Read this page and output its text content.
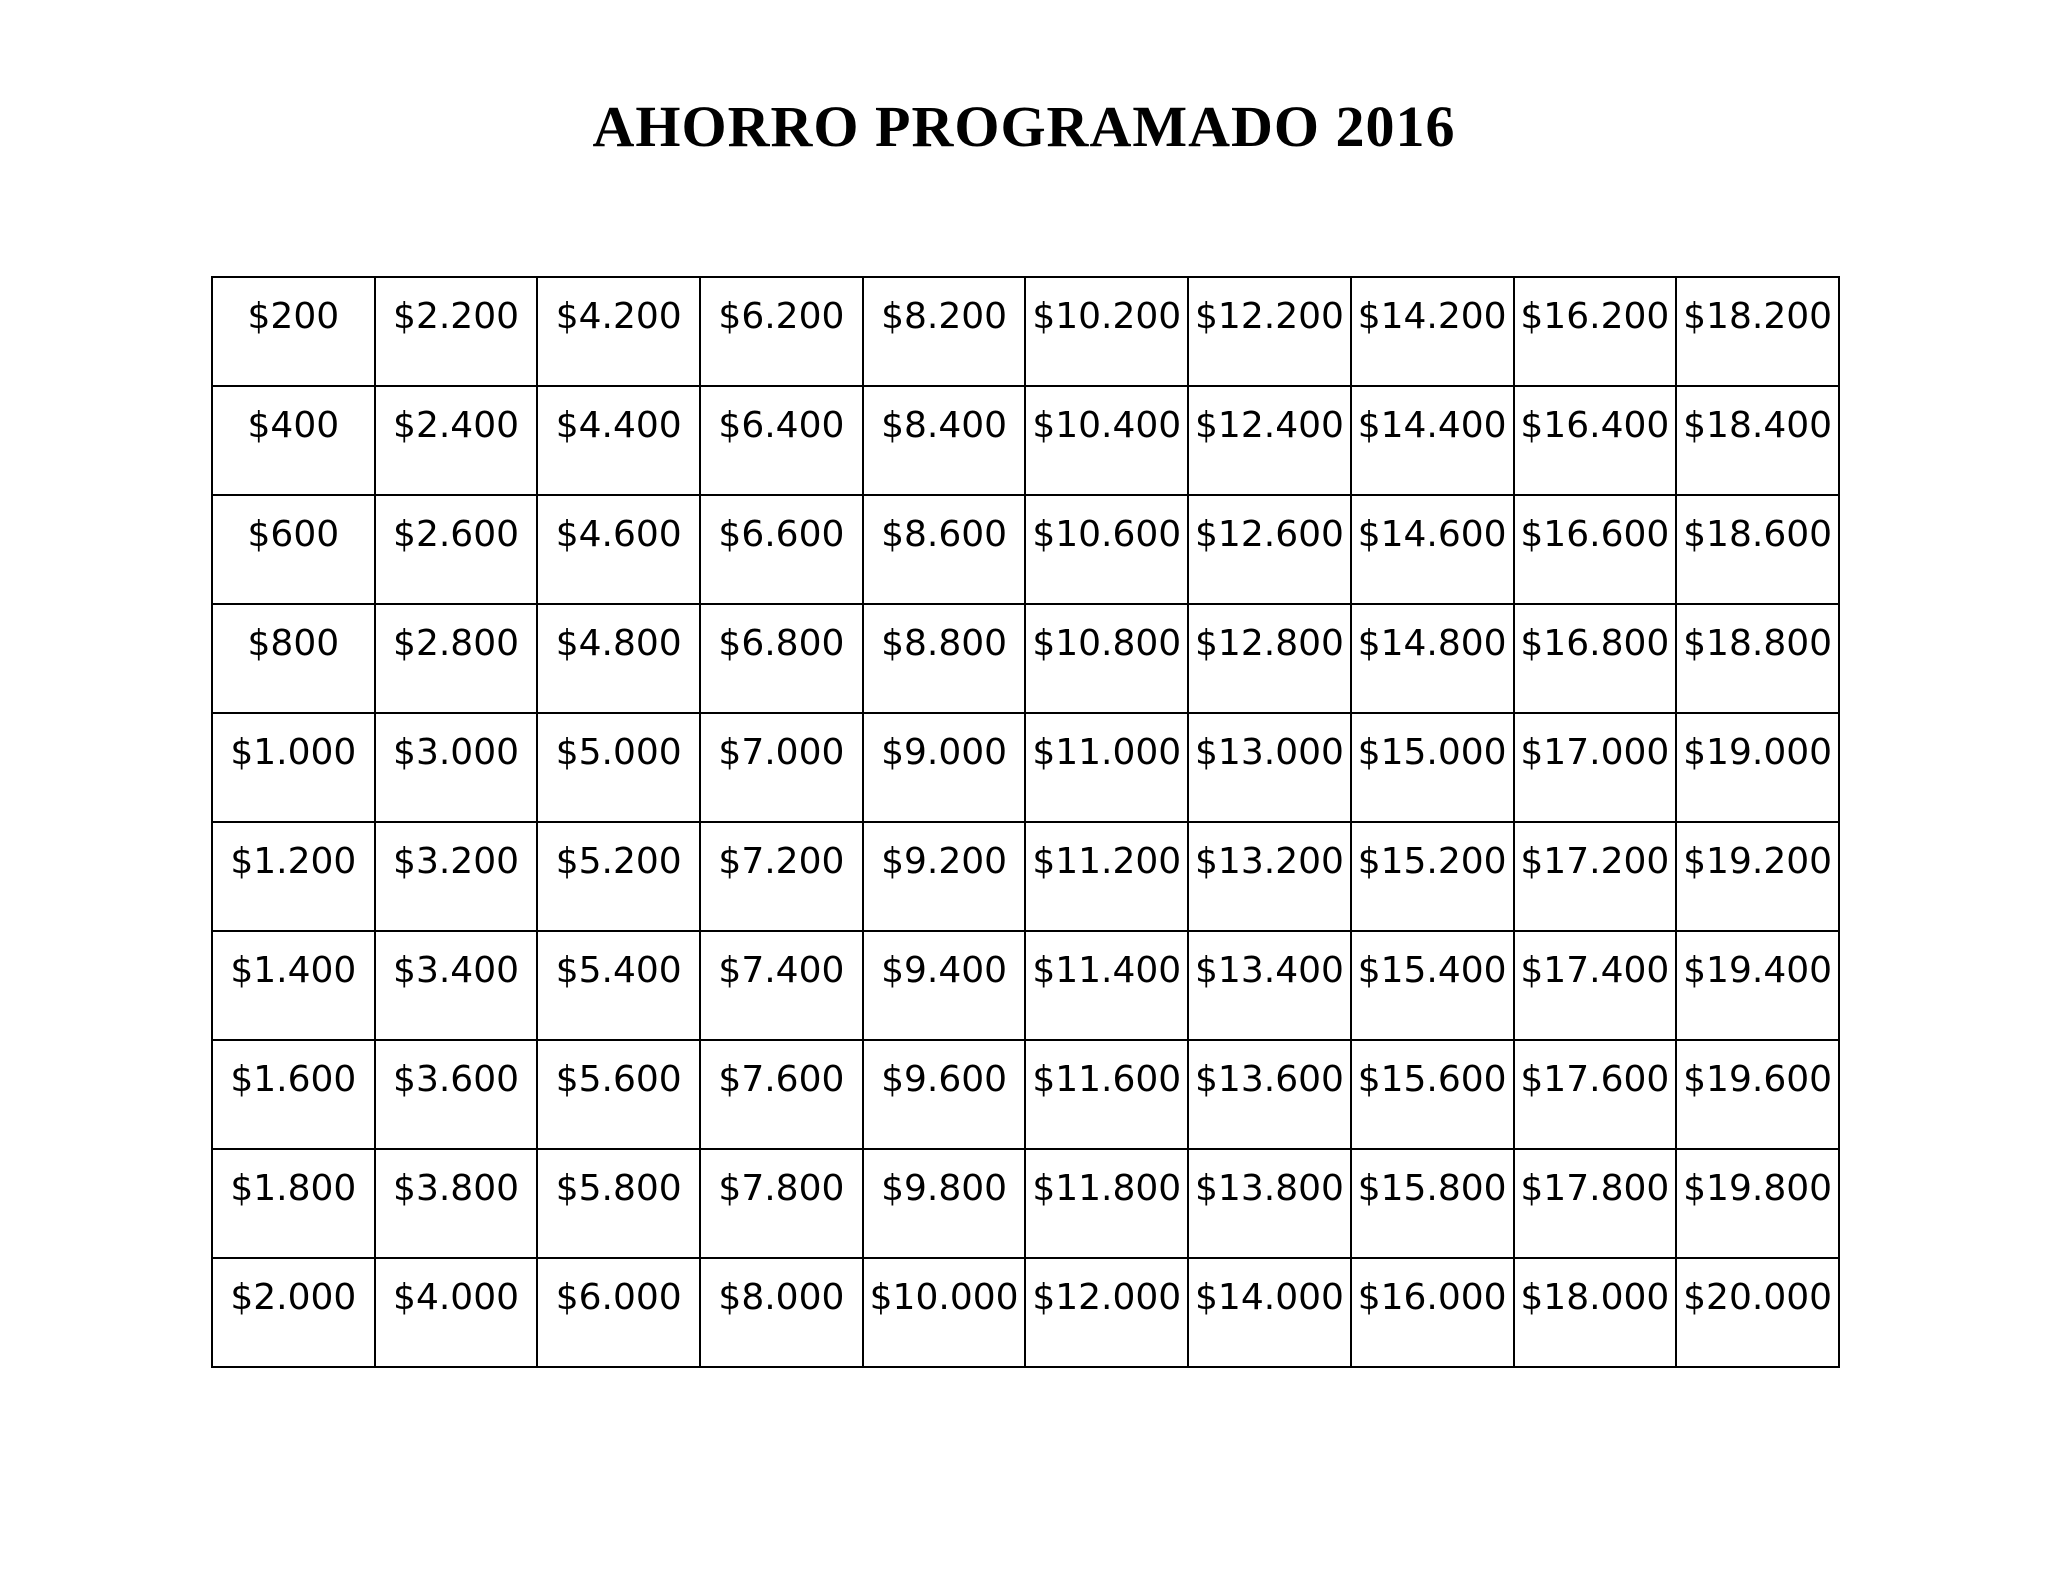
AHORRO PROGRAMADO 2016
$200	$2.200	$4.200	$6.200	$8.200	$10.200	$12.200	$14.200	$16.200	$18.200
$400	$2.400	$4.400	$6.400	$8.400	$10.400	$12.400	$14.400	$16.400	$18.400
$600	$2.600	$4.600	$6.600	$8.600	$10.600	$12.600	$14.600	$16.600	$18.600
$800	$2.800	$4.800	$6.800	$8.800	$10.800	$12.800	$14.800	$16.800	$18.800
$1.000	$3.000	$5.000	$7.000	$9.000	$11.000	$13.000	$15.000	$17.000	$19.000
$1.200	$3.200	$5.200	$7.200	$9.200	$11.200	$13.200	$15.200	$17.200	$19.200
$1.400	$3.400	$5.400	$7.400	$9.400	$11.400	$13.400	$15.400	$17.400	$19.400
$1.600	$3.600	$5.600	$7.600	$9.600	$11.600	$13.600	$15.600	$17.600	$19.600
$1.800	$3.800	$5.800	$7.800	$9.800	$11.800	$13.800	$15.800	$17.800	$19.800
$2.000	$4.000	$6.000	$8.000	$10.000	$12.000	$14.000	$16.000	$18.000	$20.000
